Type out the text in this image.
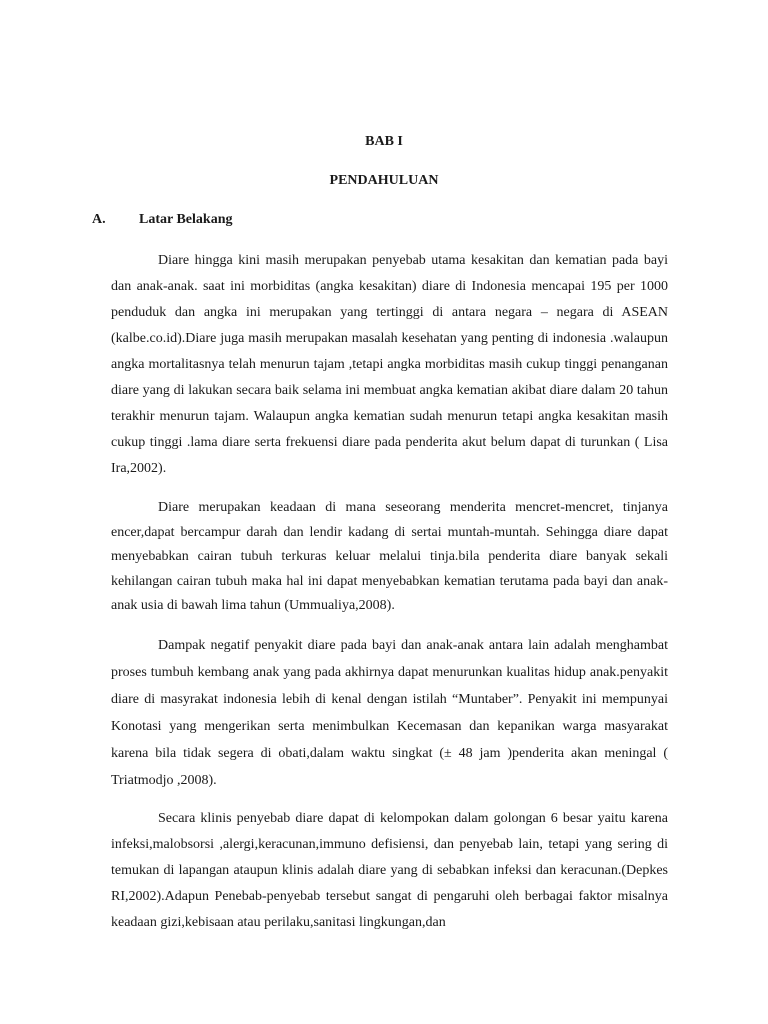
BAB I
PENDAHULUAN
A. Latar Belakang

Diare hingga kini masih merupakan penyebab utama kesakitan dan kematian pada bayi dan anak-anak. saat ini morbiditas (angka kesakitan) diare di Indonesia mencapai 195 per 1000 penduduk dan angka ini merupakan yang tertinggi di antara negara – negara di ASEAN (kalbe.co.id).Diare juga masih merupakan masalah kesehatan yang penting di indonesia .walaupun angka mortalitasnya telah menurun tajam ,tetapi angka morbiditas masih cukup tinggi penanganan diare yang di lakukan secara baik selama ini membuat angka kematian akibat diare dalam 20 tahun terakhir menurun tajam. Walaupun angka kematian sudah menurun tetapi angka kesakitan masih cukup tinggi .lama diare serta frekuensi diare pada penderita akut belum dapat di turunkan ( Lisa Ira,2002).

Diare merupakan keadaan di mana seseorang menderita mencret-mencret, tinjanya encer,dapat bercampur darah dan lendir kadang di sertai muntah-muntah. Sehingga diare dapat menyebabkan cairan tubuh terkuras keluar melalui tinja.bila penderita diare banyak sekali kehilangan cairan tubuh maka hal ini dapat menyebabkan kematian terutama pada bayi dan anak-anak usia di bawah lima tahun (Ummualiya,2008).

Dampak negatif penyakit diare pada bayi dan anak-anak antara lain adalah menghambat proses tumbuh kembang anak yang pada akhirnya dapat menurunkan kualitas hidup anak.penyakit diare di masyrakat indonesia lebih di kenal dengan istilah “Muntaber”. Penyakit ini mempunyai Konotasi yang mengerikan serta menimbulkan Kecemasan dan kepanikan warga masyarakat karena bila tidak segera di obati,dalam waktu singkat (± 48 jam )penderita akan meningal ( Triatmodjo ,2008).

Secara klinis penyebab diare dapat di kelompokan dalam golongan 6 besar yaitu karena infeksi,malobsorsi ,alergi,keracunan,immuno defisiensi, dan penyebab lain, tetapi yang sering di temukan di lapangan ataupun klinis adalah diare yang di sebabkan infeksi dan keracunan.(Depkes RI,2002).Adapun Penebab-penyebab tersebut sangat di pengaruhi oleh berbagai faktor misalnya keadaan gizi,kebisaan atau perilaku,sanitasi lingkungan,dan
